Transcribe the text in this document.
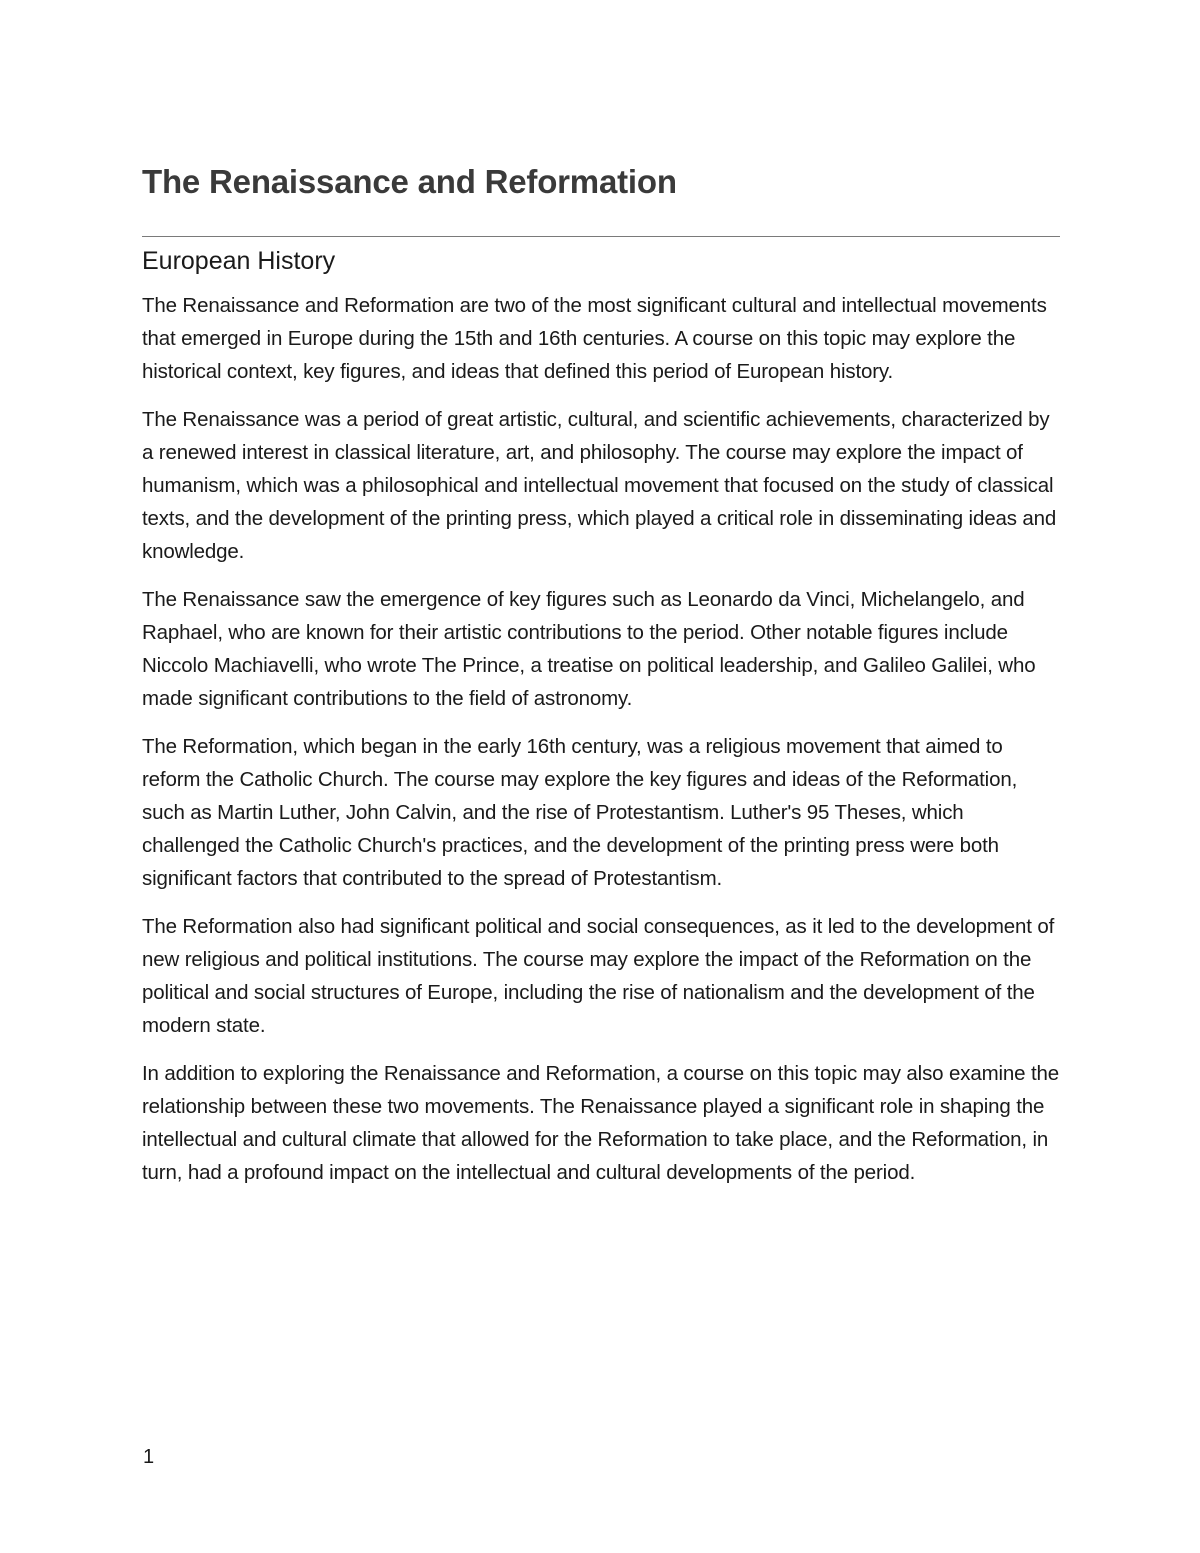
The Renaissance and Reformation
European History

The Renaissance and Reformation are two of the most significant cultural and intellectual movements that emerged in Europe during the 15th and 16th centuries. A course on this topic may explore the historical context, key figures, and ideas that defined this period of European history.

The Renaissance was a period of great artistic, cultural, and scientific achievements, characterized by a renewed interest in classical literature, art, and philosophy. The course may explore the impact of humanism, which was a philosophical and intellectual movement that focused on the study of classical texts, and the development of the printing press, which played a critical role in disseminating ideas and knowledge.

The Renaissance saw the emergence of key figures such as Leonardo da Vinci, Michelangelo, and Raphael, who are known for their artistic contributions to the period. Other notable figures include Niccolo Machiavelli, who wrote The Prince, a treatise on political leadership, and Galileo Galilei, who made significant contributions to the field of astronomy.

The Reformation, which began in the early 16th century, was a religious movement that aimed to reform the Catholic Church. The course may explore the key figures and ideas of the Reformation, such as Martin Luther, John Calvin, and the rise of Protestantism. Luther's 95 Theses, which challenged the Catholic Church's practices, and the development of the printing press were both significant factors that contributed to the spread of Protestantism.

The Reformation also had significant political and social consequences, as it led to the development of new religious and political institutions. The course may explore the impact of the Reformation on the political and social structures of Europe, including the rise of nationalism and the development of the modern state.

In addition to exploring the Renaissance and Reformation, a course on this topic may also examine the relationship between these two movements. The Renaissance played a significant role in shaping the intellectual and cultural climate that allowed for the Reformation to take place, and the Reformation, in turn, had a profound impact on the intellectual and cultural developments of the period.

1
